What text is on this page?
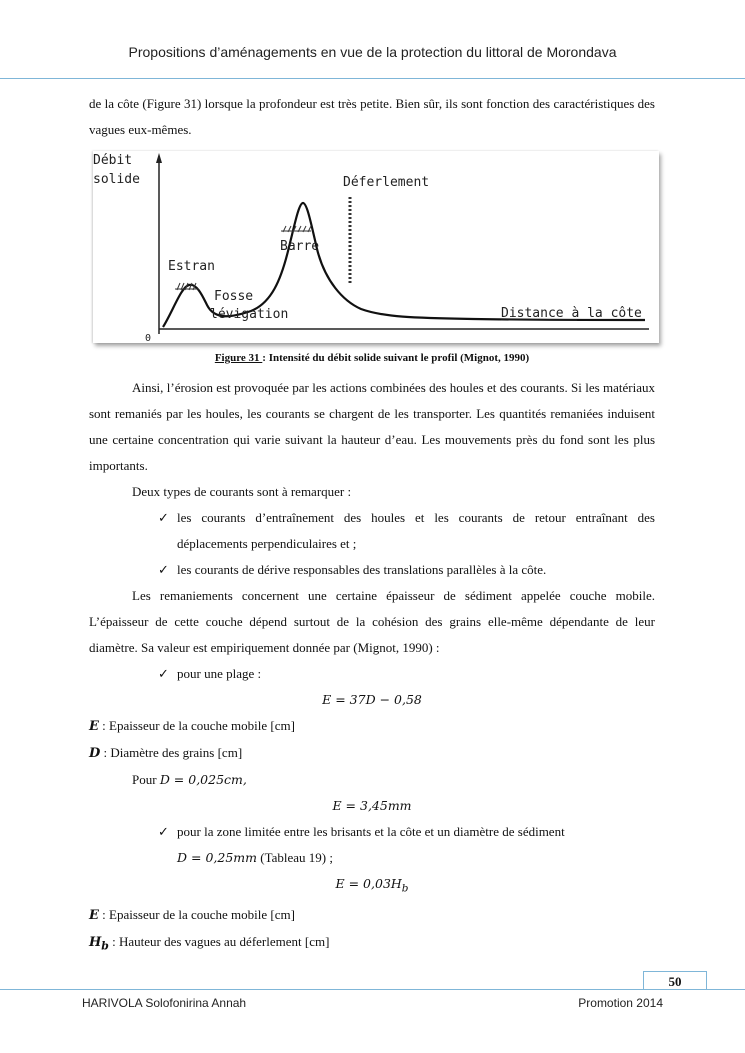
Propositions d’aménagements en vue de la protection du littoral de Morondava

de la côte (Figure 31) lorsque la profondeur est très petite. Bien sûr, ils sont fonction des caractéristiques des vagues eux-mêmes.

Débit
solide
0
Déferlement
Barre
Estran
Fosse
lévigation	Distance à la côte
Figure 31 : Intensité du débit solide suivant le profil (Mignot, 1990)

Ainsi, l’érosion est provoquée par les actions combinées des houles et des courants. Si les matériaux sont remaniés par les houles, les courants se chargent de les transporter. Les quantités remaniées induisent une certaine concentration qui varie suivant la hauteur d’eau. Les mouvements près du fond sont les plus importants.

Deux types de courants sont à remarquer :

✓ les courants d’entraînement des houles et les courants de retour entraînant des déplacements perpendiculaires et ;
✓ les courants de dérive responsables des translations parallèles à la côte.

Les remaniements concernent une certaine épaisseur de sédiment appelée couche mobile. L’épaisseur de cette couche dépend surtout de la cohésion des grains elle-même dépendante de leur diamètre. Sa valeur est empiriquement donnée par (Mignot, 1990) :

✓ pour une plage :
E = 37D − 0,58

E : Epaisseur de la couche mobile [cm]

D : Diamètre des grains [cm]

Pour D = 0,025cm,

E = 3,45mm
✓ pour la zone limitée entre les brisants et la côte et un diamètre de sédiment
D = 0,25mm (Tableau 19) ;
$E = 0,03H_b$

E : Epaisseur de la couche mobile [cm]

$H_b$ : Hauteur des vagues au déferlement [cm]

50
HARIVOLA Solofonirina Annah	Promotion 2014
